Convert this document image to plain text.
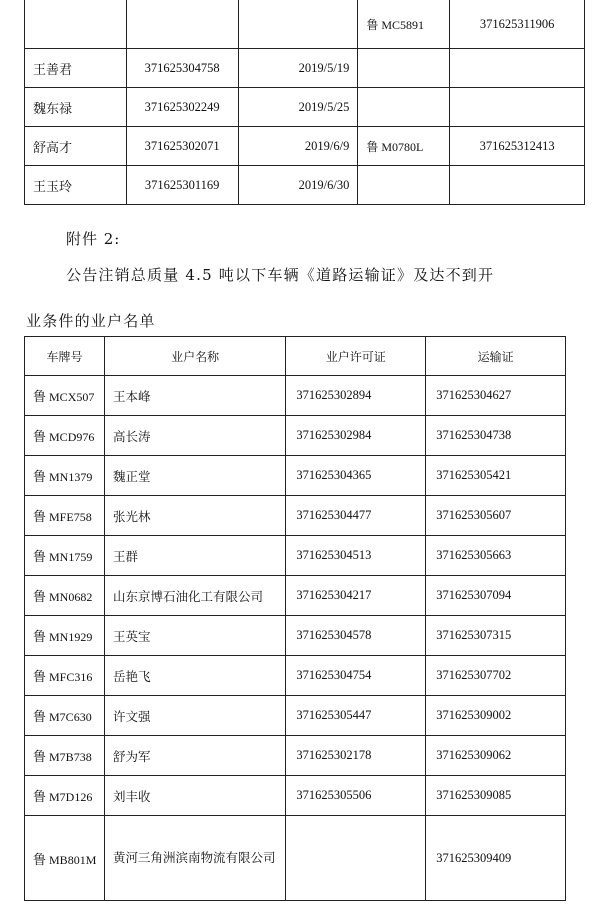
			鲁 MC5891	371625311906
王善君	371625304758	2019/5/19		
魏东禄	371625302249	2019/5/25		
舒高才	371625302071	2019/6/9	鲁 M0780L	371625312413
王玉玲	371625301169	2019/6/30		
附件 2:
公告注销总质量 4.5 吨以下车辆《道路运输证》及达不到开
业条件的业户名单
车牌号	业户名称	业户许可证	运输证
鲁 MCX507	王本峰	371625302894	371625304627
鲁 MCD976	高长涛	371625302984	371625304738
鲁 MN1379	魏正堂	371625304365	371625305421
鲁 MFE758	张光林	371625304477	371625305607
鲁 MN1759	王群	371625304513	371625305663
鲁 MN0682	山东京博石油化工有限公司	371625304217	371625307094
鲁 MN1929	王英宝	371625304578	371625307315
鲁 MFC316	岳艳飞	371625304754	371625307702
鲁 M7C630	许文强	371625305447	371625309002
鲁 M7B738	舒为军	371625302178	371625309062
鲁 M7D126	刘丰收	371625305506	371625309085
鲁 MB801M	黄河三角洲滨南物流有限公司		371625309409
